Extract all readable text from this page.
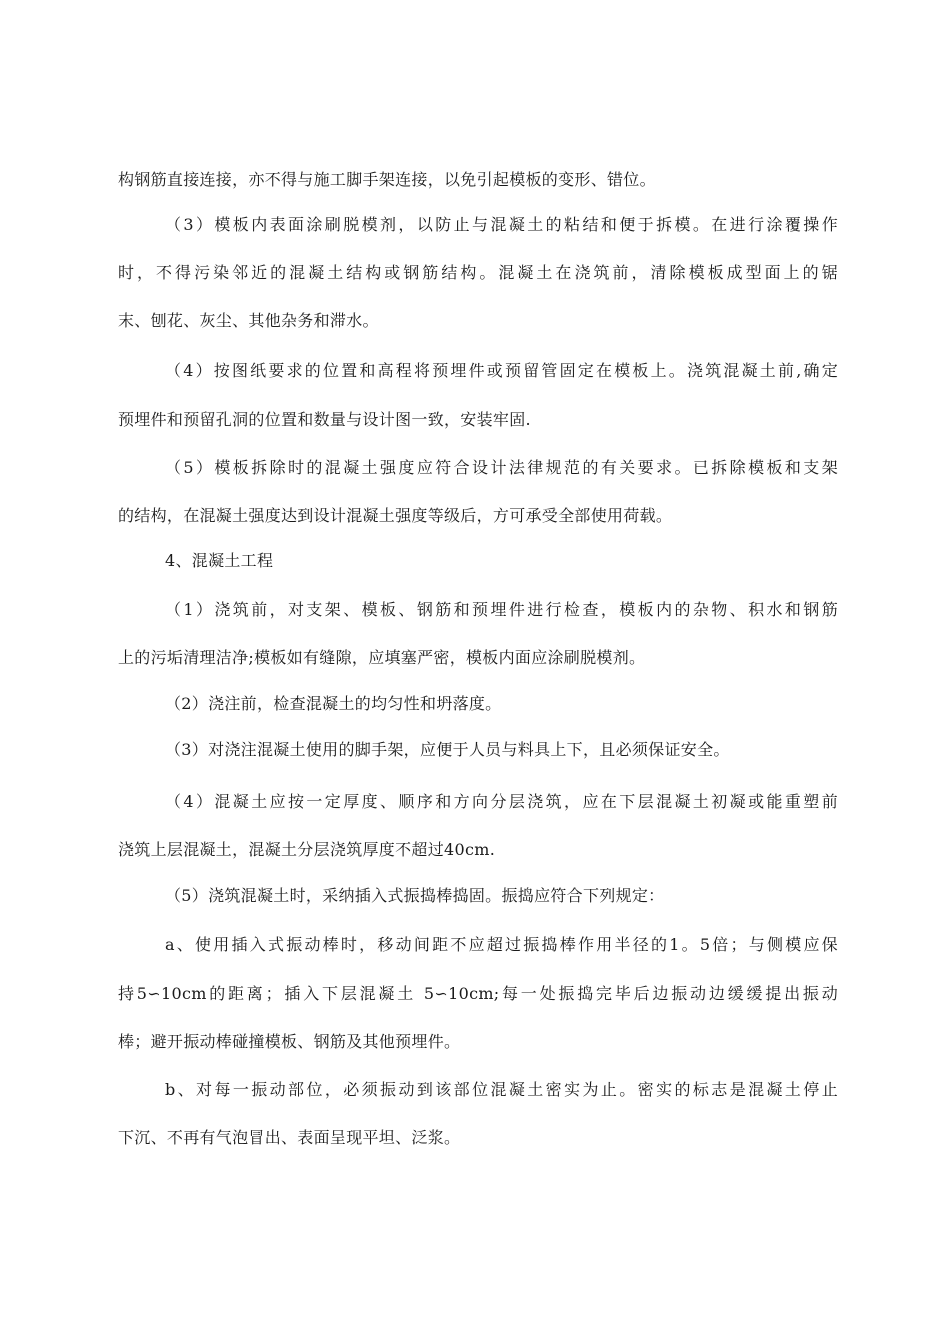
构钢筋直接连接，亦不得与施工脚手架连接，以免引起模板的变形、错位。
（3）模板内表面涂刷脱模剂，以防止与混凝土的粘结和便于拆模。在进行涂覆操作
时，不得污染邻近的混凝土结构或钢筋结构。混凝土在浇筑前，清除模板成型面上的锯
末、刨花、灰尘、其他杂务和滞水。
（4）按图纸要求的位置和高程将预埋件或预留管固定在模板上。浇筑混凝土前,确定
预埋件和预留孔洞的位置和数量与设计图一致，安装牢固.
（5）模板拆除时的混凝土强度应符合设计法律规范的有关要求。已拆除模板和支架
的结构，在混凝土强度达到设计混凝土强度等级后，方可承受全部使用荷载。
4、混凝土工程
（1）浇筑前，对支架、模板、钢筋和预埋件进行检查，模板内的杂物、积水和钢筋
上的污垢清理洁净;模板如有缝隙，应填塞严密，模板内面应涂刷脱模剂。
（2）浇注前，检查混凝土的均匀性和坍落度。
（3）对浇注混凝土使用的脚手架，应便于人员与料具上下，且必须保证安全。
（4）混凝土应按一定厚度、顺序和方向分层浇筑，应在下层混凝土初凝或能重塑前
浇筑上层混凝土，混凝土分层浇筑厚度不超过40cm.
（5）浇筑混凝土时，采纳插入式振捣棒捣固。振捣应符合下列规定：
a、使用插入式振动棒时，移动间距不应超过振捣棒作用半径的1。5倍；与侧模应保
持5∽10cm的距离；插入下层混凝土 5∽10cm;每一处振捣完毕后边振动边缓缓提出振动
棒；避开振动棒碰撞模板、钢筋及其他预埋件。
b、对每一振动部位，必须振动到该部位混凝土密实为止。密实的标志是混凝土停止
下沉、不再有气泡冒出、表面呈现平坦、泛浆。
